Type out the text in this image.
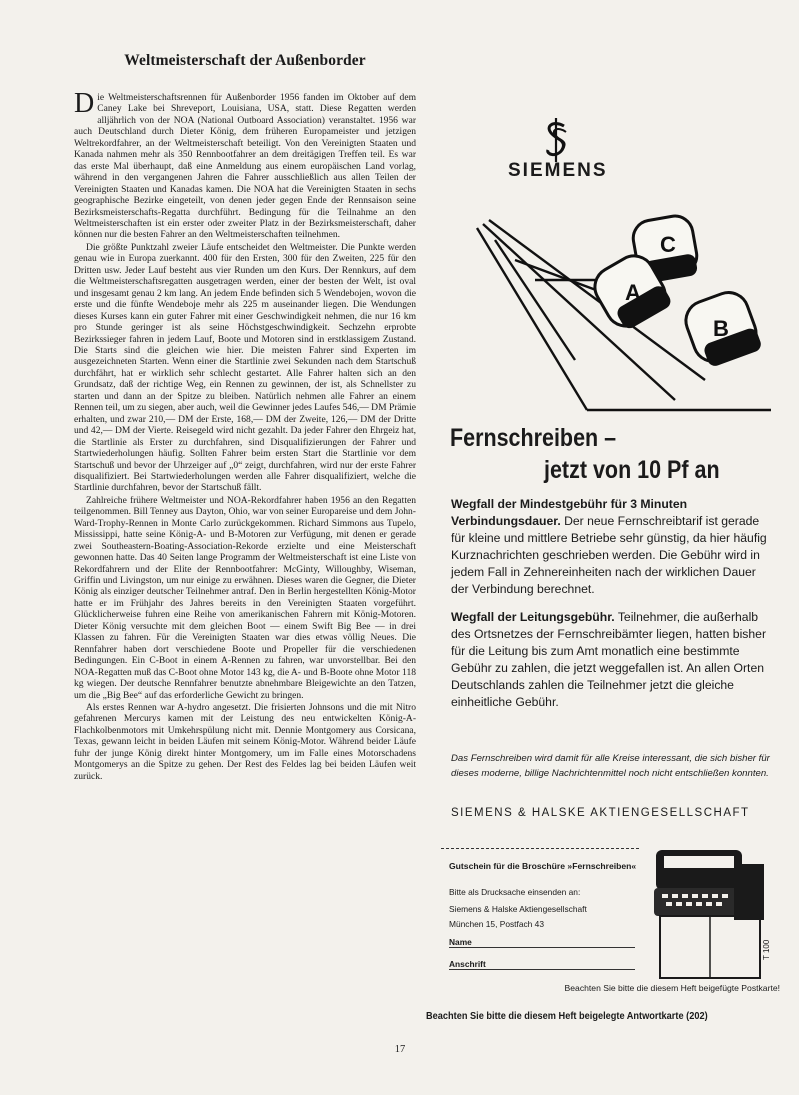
Weltmeisterschaft der Außenborder

Die Weltmeisterschaftsrennen für Außenborder 1956 fanden im Oktober auf dem Caney Lake bei Shreveport, Louisiana, USA, statt. Diese Regatten werden alljährlich von der NOA (National Outboard Association) veranstaltet. 1956 war auch Deutschland durch Dieter König, dem früheren Europameister und jetzigen Weltrekordfahrer, an der Weltmeisterschaft beteiligt. Von den Vereinigten Staaten und Kanada nahmen mehr als 350 Rennbootfahrer an dem dreitägigen Treffen teil. Es war das erste Mal überhaupt, daß eine Anmeldung aus einem europäischen Land vorlag, während in den vergangenen Jahren die Fahrer ausschließlich aus allen Teilen der Vereinigten Staaten und Kanadas kamen. Die NOA hat die Vereinigten Staaten in sechs geographische Bezirke eingeteilt, von denen jeder gegen Ende der Rennsaison seine Bezirksmeisterschafts-Regatta durchführt. Bedingung für die Teilnahme an den Weltmeisterschaften ist ein erster oder zweiter Platz in der Bezirksmeisterschaft, daher können nur die besten Fahrer an den Weltmeisterschaften teilnehmen.

Die größte Punktzahl zweier Läufe entscheidet den Weltmeister. Die Punkte werden genau wie in Europa zuerkannt. 400 für den Ersten, 300 für den Zweiten, 225 für den Dritten usw. Jeder Lauf besteht aus vier Runden um den Kurs. Der Rennkurs, auf dem die Weltmeisterschaftsregatten ausgetragen werden, einer der besten der Welt, ist oval und insgesamt genau 2 km lang. An jedem Ende befinden sich 5 Wendebojen, wovon die erste und die fünfte Wendeboje mehr als 225 m auseinander liegen. Die Wendungen dieses Kurses kann ein guter Fahrer mit einer Geschwindigkeit nehmen, die nur 16 km pro Stunde geringer ist als seine Höchstgeschwindigkeit. Sechzehn erprobte Bezirkssieger fahren in jedem Lauf, Boote und Motoren sind in erstklassigem Zustand. Die Starts sind die gleichen wie hier. Die meisten Fahrer sind Experten im ausgezeichneten Starten. Wenn einer die Startlinie zwei Sekunden nach dem Startschuß durchfährt, hat er wirklich sehr schlecht gestartet. Alle Fahrer halten sich an den Grundsatz, daß der richtige Weg, ein Rennen zu gewinnen, der ist, als Schnellster zu starten und dann an der Spitze zu bleiben. Natürlich nehmen alle Fahrer an einem Rennen teil, um zu siegen, aber auch, weil die Gewinner jedes Laufes 546,— DM Prämie erhalten, und zwar 210,— DM der Erste, 168,— DM der Zweite, 126,— DM der Dritte und 42,— DM der Vierte. Reisegeld wird nicht gezahlt. Da jeder Fahrer den Ehrgeiz hat, die Startlinie als Erster zu durchfahren, sind Disqualifizierungen der Fahrer und Startwiederholungen häufig. Sollten Fahrer beim ersten Start die Startlinie vor dem Startschuß und bevor der Uhrzeiger auf „0“ zeigt, durchfahren, wird nur der erste Fahrer disqualifiziert. Bei Startwiederholungen werden alle Fahrer disqualifiziert, welche die Startlinie durchfahren, bevor der Startschuß fällt.

Zahlreiche frühere Weltmeister und NOA-Rekordfahrer haben 1956 an den Regatten teilgenommen. Bill Tenney aus Dayton, Ohio, war von seiner Europareise und dem John-Ward-Trophy-Rennen in Monte Carlo zurückgekommen. Richard Simmons aus Tupelo, Mississippi, hatte seine König-A- und B-Motoren zur Verfügung, mit denen er gerade zwei Southeastern-Boating-Association-Rekorde erzielte und eine Meisterschaft gewonnen hatte. Das 40 Seiten lange Programm der Weltmeisterschaft ist eine Liste von Rekordfahrern und der Elite der Rennbootfahrer: McGinty, Willoughby, Wiseman, Griffin und Livingston, um nur einige zu erwähnen. Dieses waren die Gegner, die Dieter König als einziger deutscher Teilnehmer antraf. Den in Berlin hergestellten König-Motor hatte er im Frühjahr des Jahres bereits in den Vereinigten Staaten vorgeführt. Glücklicherweise fuhren eine Reihe von amerikanischen Fahrern mit König-Motoren. Dieter König versuchte mit dem gleichen Boot — einem Swift Big Bee — in drei Klassen zu fahren. Für die Vereinigten Staaten war dies etwas völlig Neues. Die Rennfahrer haben dort verschiedene Boote und Propeller für die verschiedenen Bedingungen. Ein C-Boot in einem A-Rennen zu fahren, war unvorstellbar. Bei den NOA-Regatten muß das C-Boot ohne Motor 143 kg, die A- und B-Boote ohne Motor 118 kg wiegen. Der deutsche Rennfahrer benutzte abnehmbare Bleigewichte an den Tatzen, um die „Big Bee“ auf das erforderliche Gewicht zu bringen.

Als erstes Rennen war A-hydro angesetzt. Die frisierten Johnsons und die mit Nitro gefahrenen Mercurys kamen mit der Leistung des neu entwickelten König-A-Flachkolbenmotors mit Umkehrspülung nicht mit. Dennie Montgomery aus Corsicana, Texas, gewann leicht in beiden Läufen mit seinem König-Motor. Während beider Läufe fuhr der junge König direkt hinter Montgomery, um im Falle eines Motorschadens Montgomerys an die Spitze zu gehen. Der Rest des Feldes lag bei beiden Läufen weit zurück.

17
SIEMENS
C
A
B
Fernschreiben –
jetzt von 10 Pf an

Wegfall der Mindestgebühr für 3 Minuten Verbindungsdauer. Der neue Fernschreibtarif ist gerade für kleine und mittlere Betriebe sehr günstig, da hier häufig Kurznachrichten geschrieben werden. Die Gebühr wird in jedem Fall in Zehnereinheiten nach der wirklichen Dauer der Verbindung berechnet.

Wegfall der Leitungsgebühr. Teilnehmer, die außerhalb des Ortsnetzes der Fernschreibämter liegen, hatten bisher für die Leitung bis zum Amt monatlich eine bestimmte Gebühr zu zahlen, die jetzt weggefallen ist. An allen Orten Deutschlands zahlen die Teilnehmer jetzt die gleiche einheitliche Gebühr.

Das Fernschreiben wird damit für alle Kreise interessant, die sich bisher für dieses moderne, billige Nachrichtenmittel noch nicht entschließen konnten.
SIEMENS & HALSKE AKTIENGESELLSCHAFT
Gutschein für die Broschüre »Fernschreiben«
Bitte als Drucksache einsenden an:
Siemens & Halske Aktiengesellschaft
München 15, Postfach 43
Name
Anschrift
T 100
Beachten Sie bitte die diesem Heft beigefügte Postkarte!
Beachten Sie bitte die diesem Heft beigelegte Antwortkarte (202)
